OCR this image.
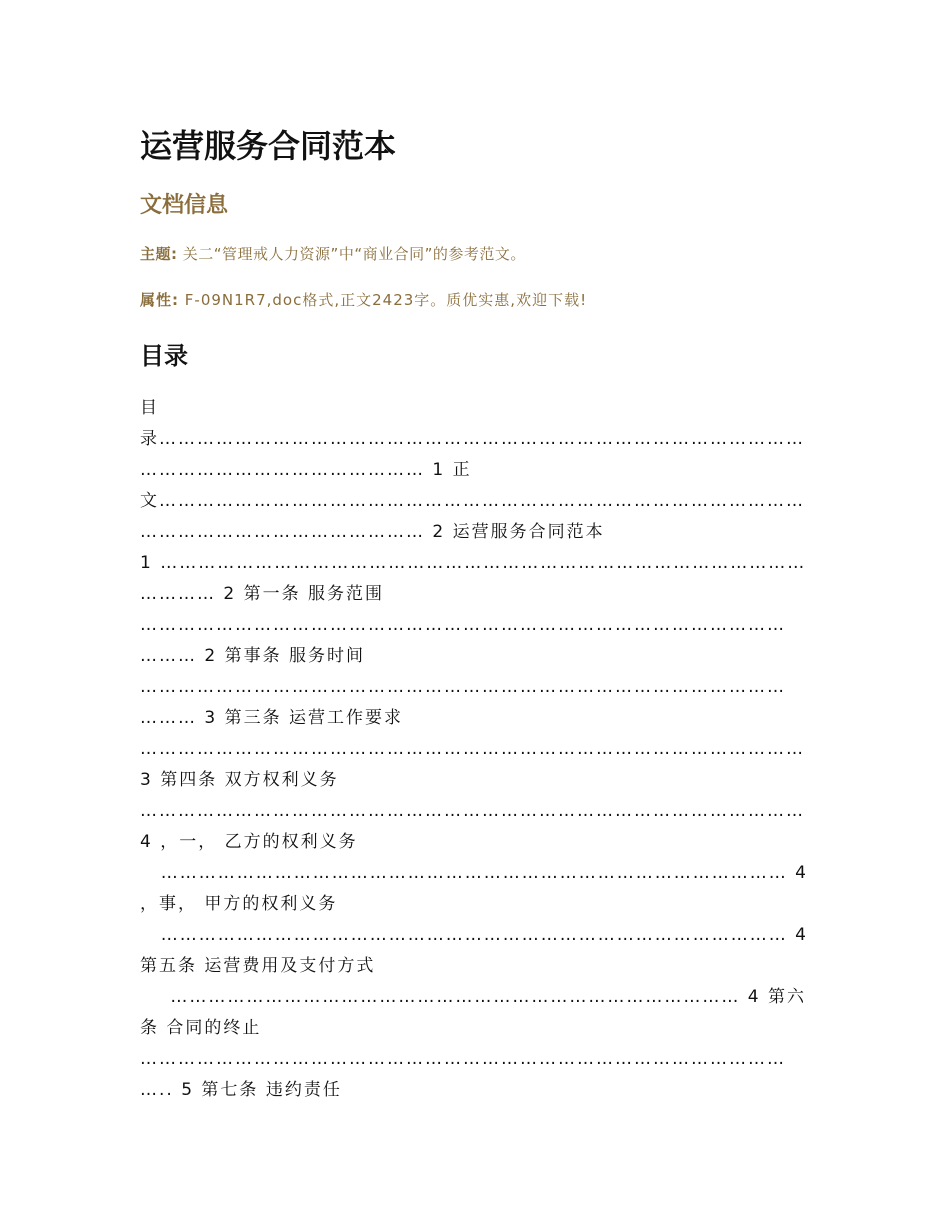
运营服务合同范本
文档信息

主题: 关二“管理戒人力资源”中“商业合同”的参考范文。

属性: F-09N1R7,doc格式,正文2423字。质优实惠,欢迎下载!

目录
目
录…………………………………………………………………………………………
……………………………………… 1 正
文…………………………………………………………………………………………
……………………………………… 2 运营服务合同范本
1 …………………………………………………………………………………………
………… 2 第一条 服务范围
…………………………………………………………………………………………
……… 2 第事条 服务时间
…………………………………………………………………………………………
……… 3 第三条 运营工作要求
……………………………………………………………………………………………
3 第四条 双方权利义务
……………………………………………………………………………………………
4 ，一， 乙方的权利义务
……………………………………………………………………………………… 4
，事， 甲方的权利义务
……………………………………………………………………………………… 4
第五条 运营费用及支付方式
……………………………………………………………………………… 4 第六
条 合同的终止
…………………………………………………………………………………………
….. 5 第七条 违约责任
